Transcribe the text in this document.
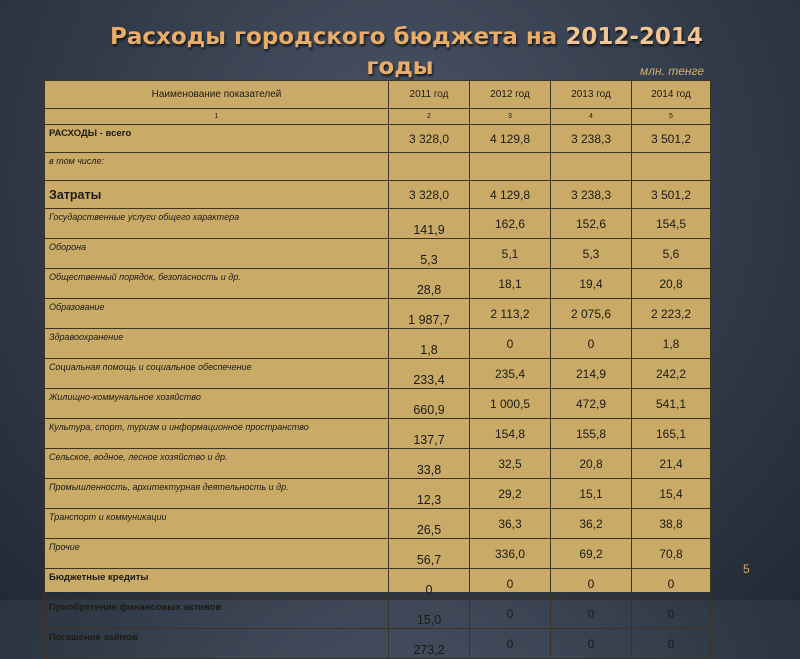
Расходы городского бюджета на 2012-2014
годы	млн. тенге
Наименование показателей	2011 год	2012 год	2013 год	2014 год
1	2	3	4	5
РАСХОДЫ - всего	3 328,0	4 129,8	3 238,3	3 501,2
в том числе:				
Затраты	3 328,0	4 129,8	3 238,3	3 501,2
Государственные услуги общего характера	141,9	162,6	152,6	154,5
Оборона	5,3	5,1	5,3	5,6
Общественный порядок, безопасность и др.	28,8	18,1	19,4	20,8
Образование	1 987,7	2 113,2	2 075,6	2 223,2
Здравоохранение	1,8	0	0	1,8
Социальная помощь и социальное обеспечение	233,4	235,4	214,9	242,2
Жилищно-коммунальное хозяйство	660,9	1 000,5	472,9	541,1
Культура, спорт, туризм и информационное пространство	137,7	154,8	155,8	165,1
Сельское, водное, лесное хозяйство и др.	33,8	32,5	20,8	21,4
Промышленность, архитектурная деятельность и др.	12,3	29,2	15,1	15,4
Транспорт и коммуникации	26,5	36,3	36,2	38,8
Прочие	56,7	336,0	69,2	70,8
Бюджетные кредиты	0	0	0	0
Приобретение финансовых активов	15,0	0	0	0
Погашение займов	273,2	0	0	0
5
